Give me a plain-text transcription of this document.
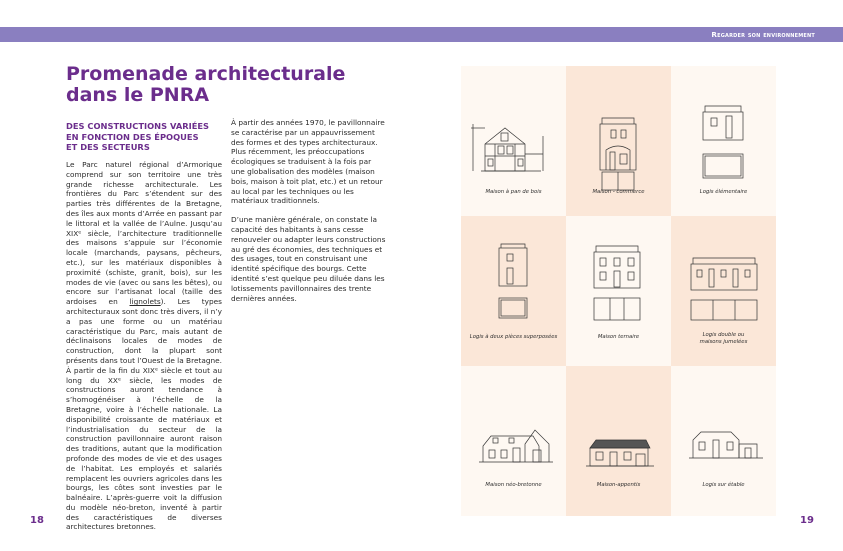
Regarder son environnement
Promenade architecturale
dans le PNRA
DES CONSTRUCTIONS VARIÉES
EN FONCTION DES ÉPOQUES
ET DES SECTEURS

Le Parc naturel régional d’Armorique comprend sur son territoire une très grande richesse architecturale. Les frontières du Parc s’étendent sur des parties très différentes de la Bretagne, des îles aux monts d’Arrée en passant par le littoral et la vallée de l’Aulne. Jusqu’au XIXᵉ siècle, l’architecture traditionnelle des maisons s’appuie sur l’économie locale (marchands, paysans, pêcheurs, etc.), sur les matériaux disponibles à proximité (schiste, granit, bois), sur les modes de vie (avec ou sans les bêtes), ou encore sur l’artisanat local (taille des ardoises en lignolets). Les types architecturaux sont donc très divers, il n’y a pas une forme ou un matériau caractéristique du Parc, mais autant de déclinaisons locales de modes de construction, dont la plupart sont présents dans tout l’Ouest de la Bretagne.

À partir de la fin du XIXᵉ siècle et tout au long du XXᵉ siècle, les modes de constructions auront tendance à s’homogénéiser à l’échelle de la Bretagne, voire à l’échelle nationale. La disponibilité croissante de matériaux et l’industrialisation du secteur de la construction pavillonnaire auront raison des traditions, autant que la modification profonde des modes de vie et des usages de l’habitat. Les employés et salariés remplacent les ouvriers agricoles dans les bourgs, les côtes sont investies par le balnéaire. L’après-guerre voit la diffusion du modèle néo-breton, inventé à partir des caractéristiques de diverses architectures bretonnes.

À partir des années 1970, le pavillonnaire se caractérise par un appauvrissement des formes et des types architecturaux. Plus récemment, les préoccupations écologiques se traduisent à la fois par une globalisation des modèles (maison bois, maison à toit plat, etc.) et un retour au local par les techniques ou les matériaux traditionnels.

D’une manière générale, on constate la capacité des habitants à sans cesse renouveler ou adapter leurs constructions au gré des économies, des techniques et des usages, tout en construisant une identité spécifique des bourgs. Cette identité s’est quelque peu diluée dans les lotissements pavillonnaires des trente dernières années.

Maison à pan de bois	Maison - commerce	Logis élémentaire
Logis à deux pièces superposées	Maison ternaire	Logis double ou
maisons jumelées
Maison néo-bretonne	Maison-appentis	Logis sur étable
18	19
